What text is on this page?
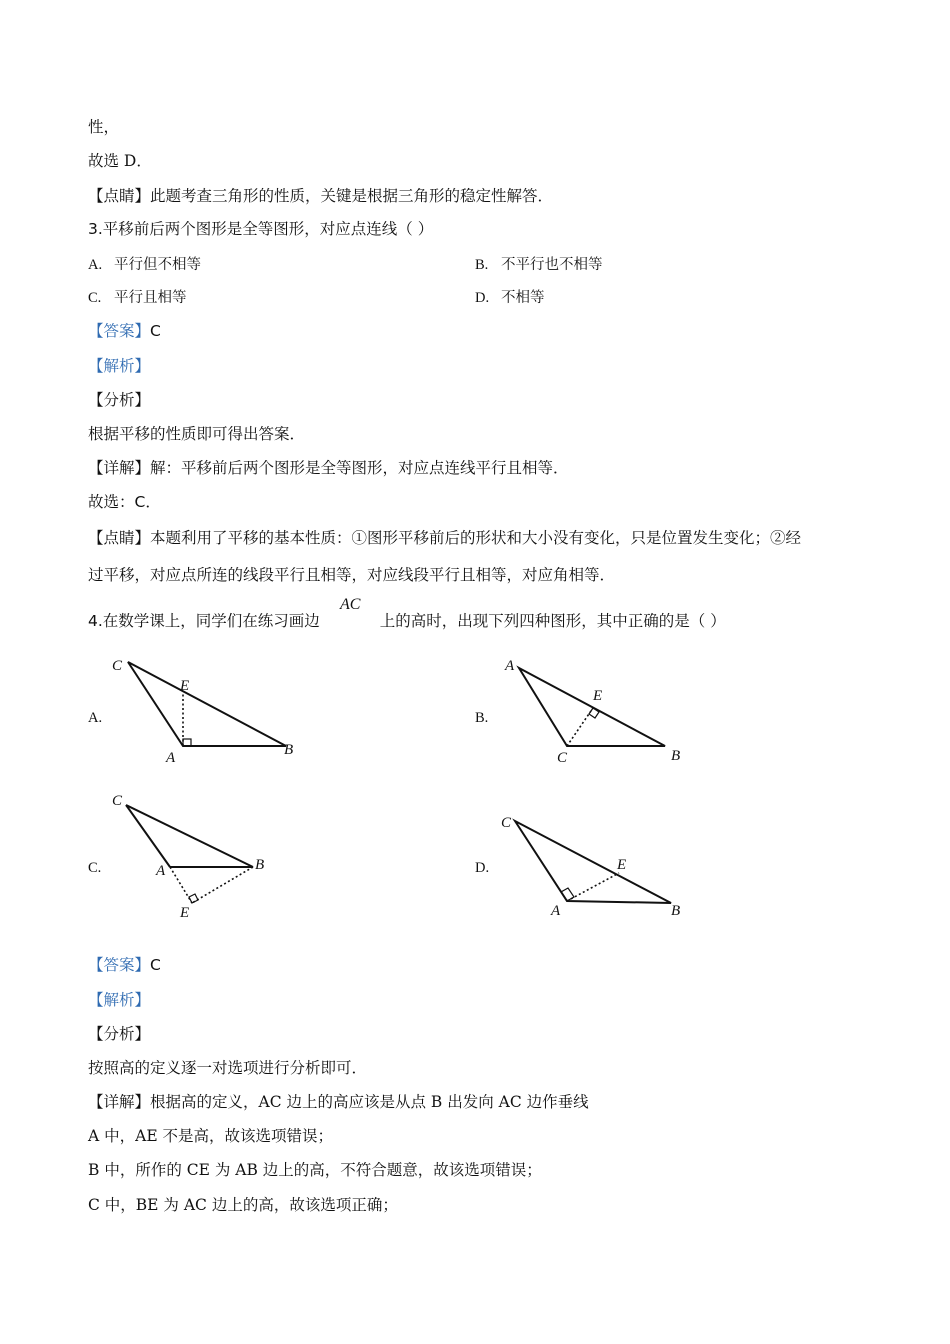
性，
故选 D．
【点睛】此题考查三角形的性质，关键是根据三角形的稳定性解答．
3.平移前后两个图形是全等图形，对应点连线（ ）
A. 平行但不相等	B. 不平行也不相等
C. 平行且相等	D. 不相等
【答案】C
【解析】
【分析】
根据平移的性质即可得出答案．
【详解】解：平移前后两个图形是全等图形，对应点连线平行且相等．
故选：C．
【点睛】本题利用了平移的基本性质：①图形平移前后的形状和大小没有变化，只是位置发生变化；②经
过平移，对应点所连的线段平行且相等，对应线段平行且相等，对应角相等．
4.在数学课上，同学们在练习画边	上的高时，出现下列四种图形，其中正确的是（ ）
AC
A.
C
E
A	B
B.
A
E
C	B
C.
C
A	B
E
D.
C
E
A	B
【答案】C
【解析】
【分析】
按照高的定义逐一对选项进行分析即可．
【详解】根据高的定义，AC 边上的高应该是从点 B 出发向 AC 边作垂线
A 中，AE 不是高，故该选项错误；
B 中，所作的 CE 为 AB 边上的高，不符合题意，故该选项错误；
C 中，BE 为 AC 边上的高，故该选项正确；
